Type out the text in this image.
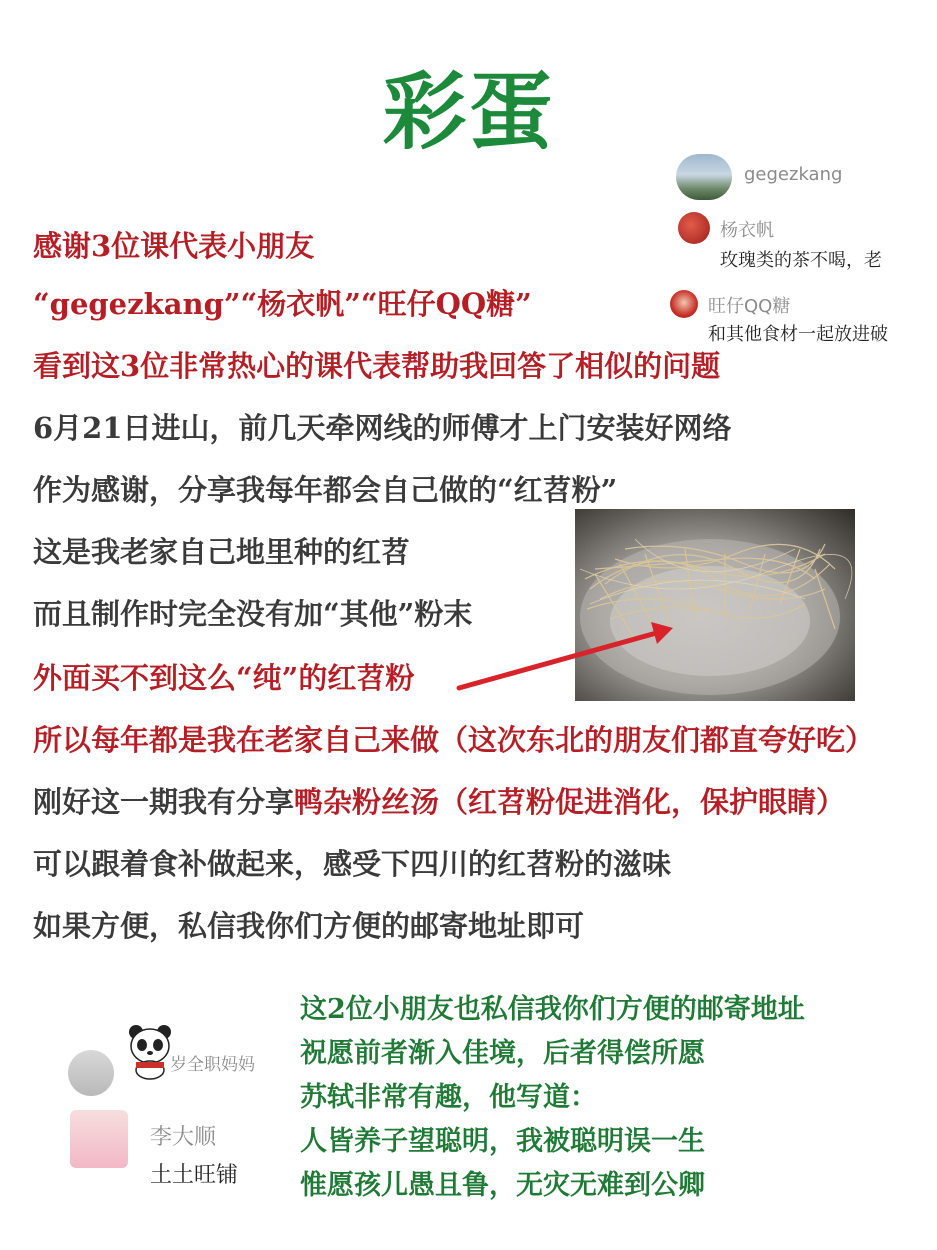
彩蛋
gegezkang
杨衣帆
玫瑰类的茶不喝，老
旺仔QQ糖
和其他食材一起放进破
感谢3位课代表小朋友
“gegezkang”“杨衣帆”“旺仔QQ糖”
看到这3位非常热心的课代表帮助我回答了相似的问题
6月21日进山，前几天牵网线的师傅才上门安装好网络
作为感谢，分享我每年都会自己做的“红苕粉”
这是我老家自己地里种的红苕
而且制作时完全没有加“其他”粉末
外面买不到这么“纯”的红苕粉
所以每年都是我在老家自己来做（这次东北的朋友们都直夸好吃）
刚好这一期我有分享鸭杂粉丝汤（红苕粉促进消化，保护眼睛）
可以跟着食补做起来，感受下四川的红苕粉的滋味
如果方便，私信我你们方便的邮寄地址即可
岁全职妈妈
李大顺
土土旺铺
这2位小朋友也私信我你们方便的邮寄地址
祝愿前者渐入佳境，后者得偿所愿
苏轼非常有趣，他写道：
人皆养子望聪明，我被聪明误一生
惟愿孩儿愚且鲁，无灾无难到公卿
